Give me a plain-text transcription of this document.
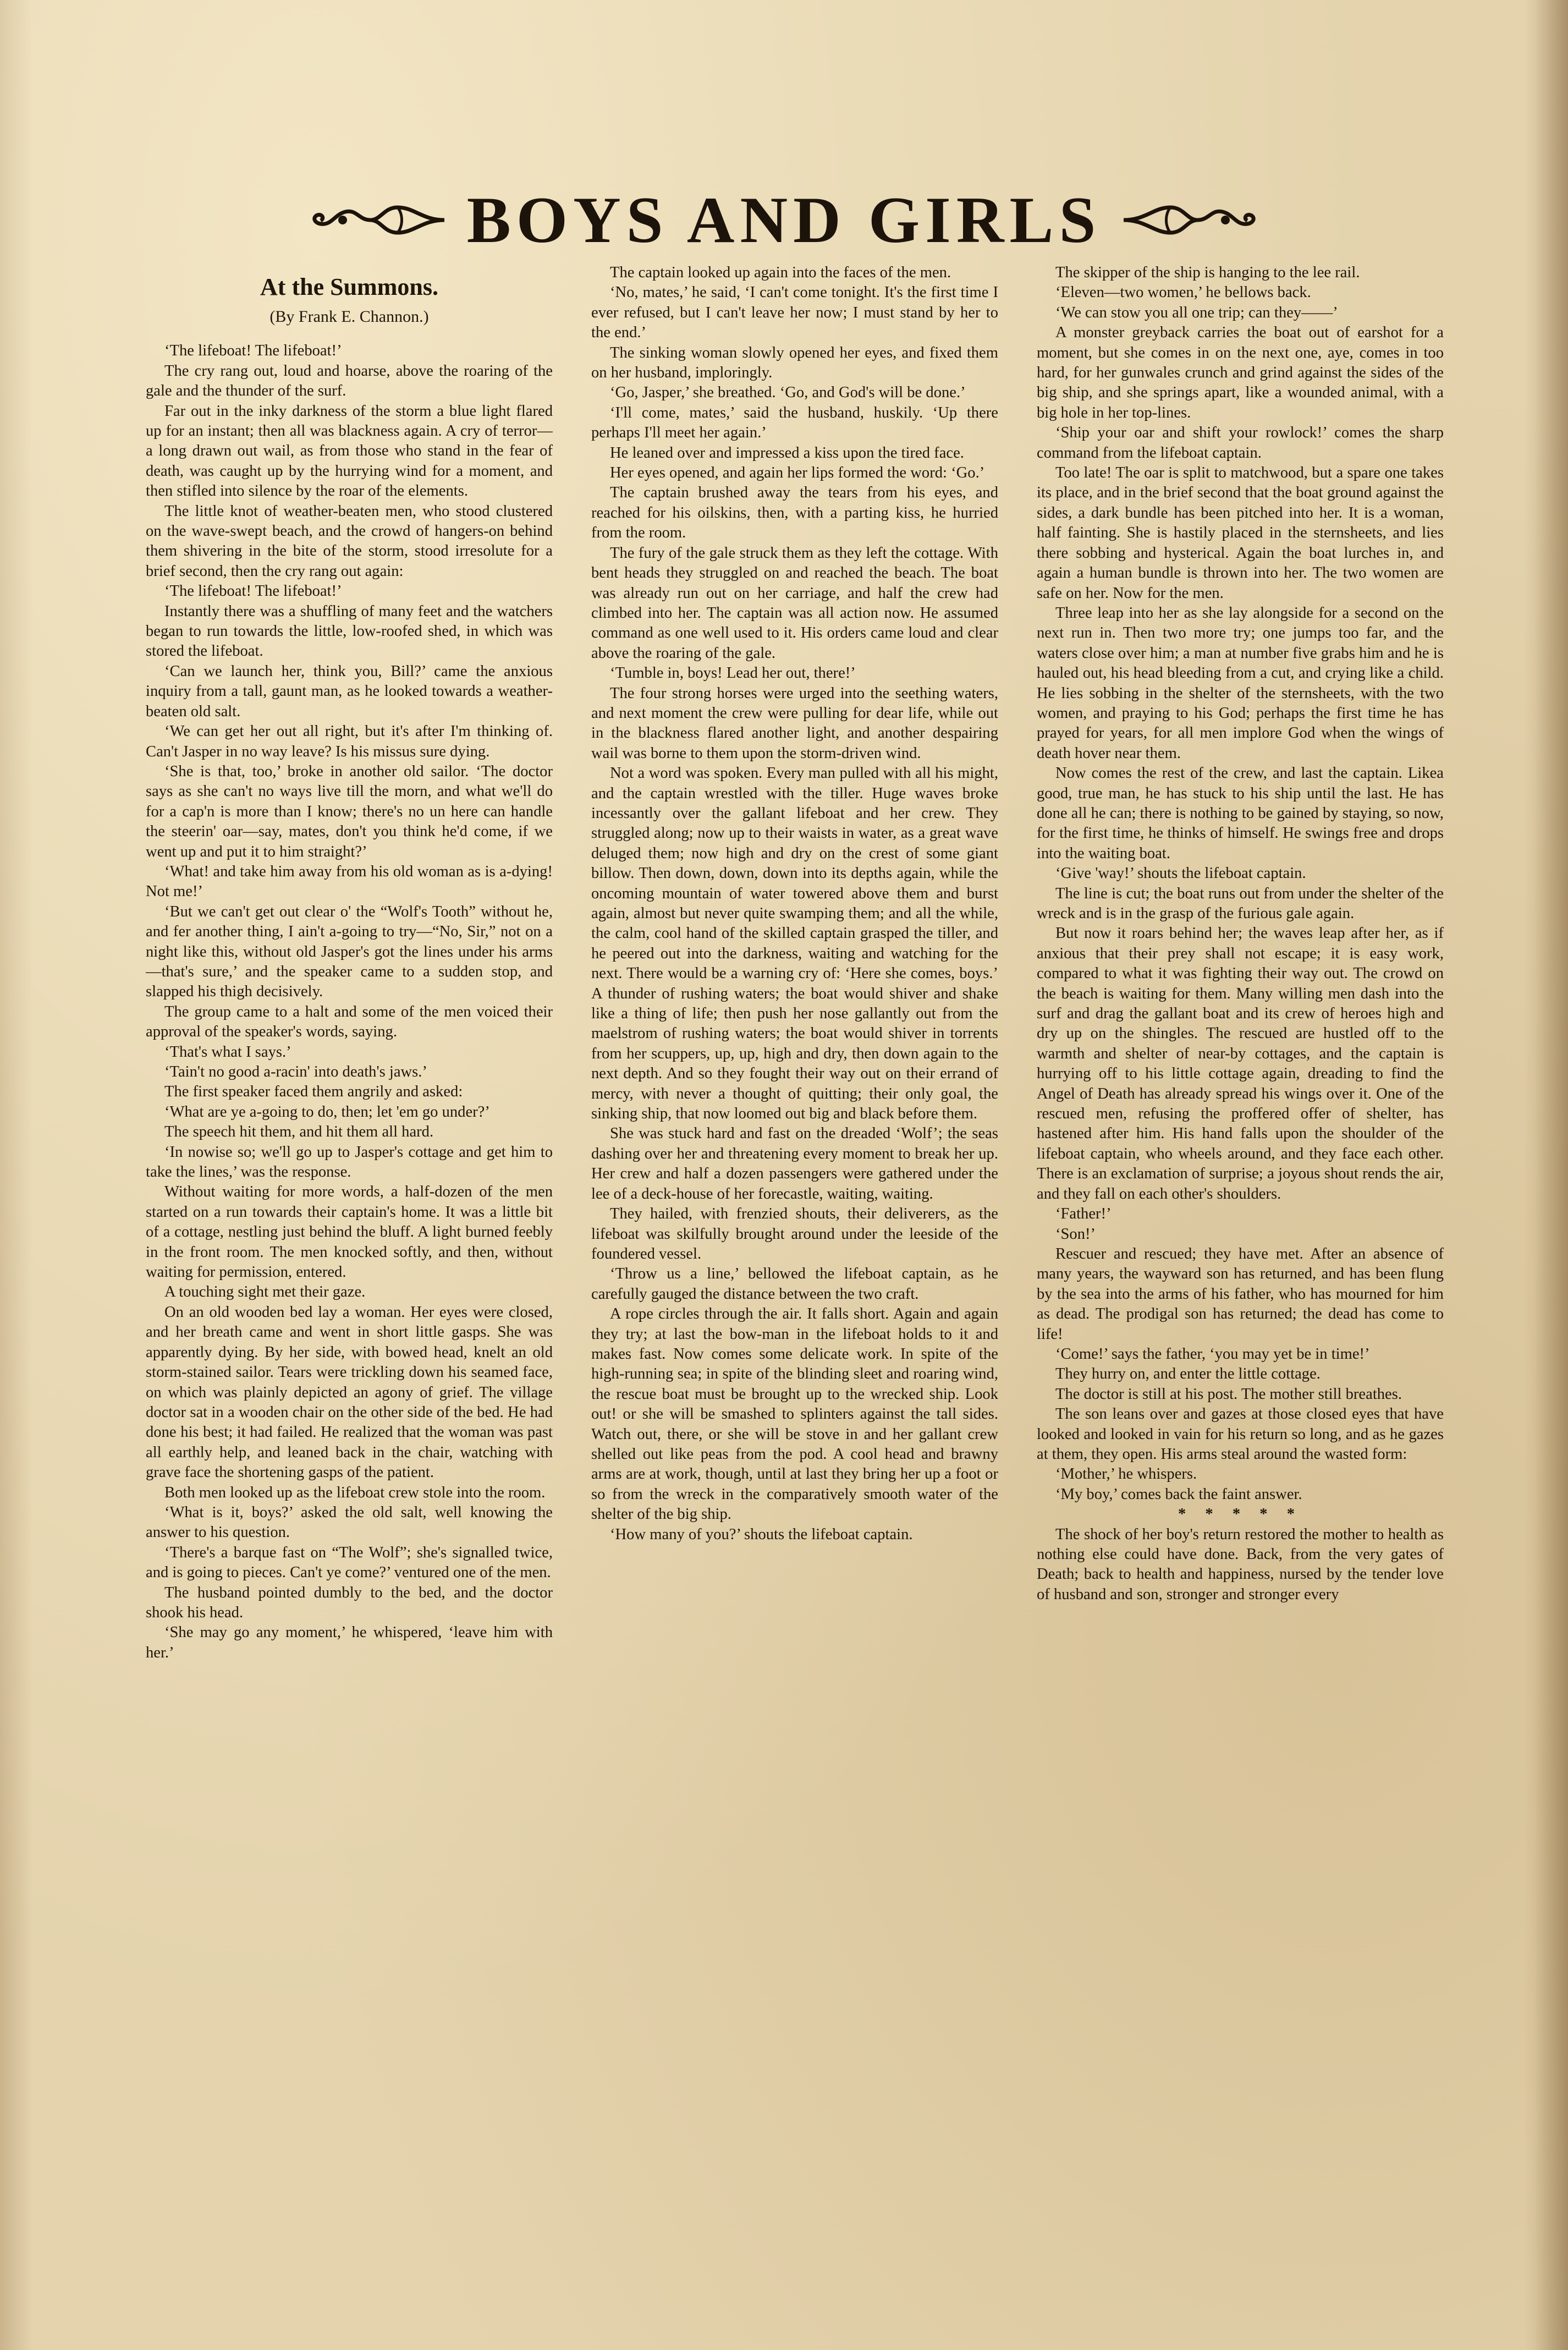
BOYS AND GIRLS
At the Summons.
(By Frank E. Channon.)

‘The lifeboat! The lifeboat!’

The cry rang out, loud and hoarse, above the roaring of the gale and the thunder of the surf.

Far out in the inky darkness of the storm a blue light flared up for an instant; then all was blackness again. A cry of terror—a long drawn out wail, as from those who stand in the fear of death, was caught up by the hurrying wind for a moment, and then stifled into silence by the roar of the elements.

The little knot of weather-beaten men, who stood clustered on the wave-swept beach, and the crowd of hangers-on behind them shivering in the bite of the storm, stood irresolute for a brief second, then the cry rang out again:

‘The lifeboat! The lifeboat!’

Instantly there was a shuffling of many feet and the watchers began to run towards the little, low-roofed shed, in which was stored the lifeboat.

‘Can we launch her, think you, Bill?’ came the anxious inquiry from a tall, gaunt man, as he looked towards a weather-beaten old salt.

‘We can get her out all right, but it's after I'm thinking of. Can't Jasper in no way leave? Is his missus sure dying.

‘She is that, too,’ broke in another old sailor. ‘The doctor says as she can't no ways live till the morn, and what we'll do for a cap'n is more than I know; there's no un here can handle the steerin' oar—say, mates, don't you think he'd come, if we went up and put it to him straight?’

‘What! and take him away from his old woman as is a-dying! Not me!’

‘But we can't get out clear o' the “Wolf's Tooth” without he, and fer another thing, I ain't a-going to try—“No, Sir,” not on a night like this, without old Jasper's got the lines under his arms—that's sure,’ and the speaker came to a sudden stop, and slapped his thigh decisively.

The group came to a halt and some of the men voiced their approval of the speaker's words, saying.

‘That's what I says.’

‘Tain't no good a-racin' into death's jaws.’

The first speaker faced them angrily and asked:

‘What are ye a-going to do, then; let 'em go under?’

The speech hit them, and hit them all hard.

‘In nowise so; we'll go up to Jasper's cottage and get him to take the lines,’ was the response.

Without waiting for more words, a half-dozen of the men started on a run towards their captain's home. It was a little bit of a cottage, nestling just behind the bluff. A light burned feebly in the front room. The men knocked softly, and then, without waiting for permission, entered.

A touching sight met their gaze.

On an old wooden bed lay a woman. Her eyes were closed, and her breath came and went in short little gasps. She was apparently dying. By her side, with bowed head, knelt an old storm-stained sailor. Tears were trickling down his seamed face, on which was plainly depicted an agony of grief. The village doctor sat in a wooden chair on the other side of the bed. He had done his best; it had failed. He realized that the woman was past all earthly help, and leaned back in the chair, watching with grave face the shortening gasps of the patient.

Both men looked up as the lifeboat crew stole into the room.

‘What is it, boys?’ asked the old salt, well knowing the answer to his question.

‘There's a barque fast on “The Wolf”; she's signalled twice, and is going to pieces. Can't ye come?’ ventured one of the men.

The husband pointed dumbly to the bed, and the doctor shook his head.

‘She may go any moment,’ he whispered, ‘leave him with her.’

The captain looked up again into the faces of the men.

‘No, mates,’ he said, ‘I can't come tonight. It's the first time I ever refused, but I can't leave her now; I must stand by her to the end.’

The sinking woman slowly opened her eyes, and fixed them on her husband, imploringly.

‘Go, Jasper,’ she breathed. ‘Go, and God's will be done.’

‘I'll come, mates,’ said the husband, huskily. ‘Up there perhaps I'll meet her again.’

He leaned over and impressed a kiss upon the tired face.

Her eyes opened, and again her lips formed the word: ‘Go.’

The captain brushed away the tears from his eyes, and reached for his oilskins, then, with a parting kiss, he hurried from the room.

The fury of the gale struck them as they left the cottage. With bent heads they struggled on and reached the beach. The boat was already run out on her carriage, and half the crew had climbed into her. The captain was all action now. He assumed command as one well used to it. His orders came loud and clear above the roaring of the gale.

‘Tumble in, boys! Lead her out, there!’

The four strong horses were urged into the seething waters, and next moment the crew were pulling for dear life, while out in the blackness flared another light, and another despairing wail was borne to them upon the storm-driven wind.

Not a word was spoken. Every man pulled with all his might, and the captain wrestled with the tiller. Huge waves broke incessantly over the gallant lifeboat and her crew. They struggled along; now up to their waists in water, as a great wave deluged them; now high and dry on the crest of some giant billow. Then down, down, down into its depths again, while the oncoming mountain of water towered above them and burst again, almost but never quite swamping them; and all the while, the calm, cool hand of the skilled captain grasped the tiller, and he peered out into the darkness, waiting and watching for the next. There would be a warning cry of: ‘Here she comes, boys.’ A thunder of rushing waters; the boat would shiver and shake like a thing of life; then push her nose gallantly out from the maelstrom of rushing waters; the boat would shiver in torrents from her scuppers, up, up, high and dry, then down again to the next depth. And so they fought their way out on their errand of mercy, with never a thought of quitting; their only goal, the sinking ship, that now loomed out big and black before them.

She was stuck hard and fast on the dreaded ‘Wolf’; the seas dashing over her and threatening every moment to break her up. Her crew and half a dozen passengers were gathered under the lee of a deck-house of her forecastle, waiting, waiting.

They hailed, with frenzied shouts, their deliverers, as the lifeboat was skilfully brought around under the leeside of the foundered vessel.

‘Throw us a line,’ bellowed the lifeboat captain, as he carefully gauged the distance between the two craft.

A rope circles through the air. It falls short. Again and again they try; at last the bow-man in the lifeboat holds to it and makes fast. Now comes some delicate work. In spite of the high-running sea; in spite of the blinding sleet and roaring wind, the rescue boat must be brought up to the wrecked ship. Look out! or she will be smashed to splinters against the tall sides. Watch out, there, or she will be stove in and her gallant crew shelled out like peas from the pod. A cool head and brawny arms are at work, though, until at last they bring her up a foot or so from the wreck in the comparatively smooth water of the shelter of the big ship.

‘How many of you?’ shouts the lifeboat captain.

The skipper of the ship is hanging to the lee rail.

‘Eleven—two women,’ he bellows back.

‘We can stow you all one trip; can they——’

A monster greyback carries the boat out of earshot for a moment, but she comes in on the next one, aye, comes in too hard, for her gunwales crunch and grind against the sides of the big ship, and she springs apart, like a wounded animal, with a big hole in her top-lines.

‘Ship your oar and shift your rowlock!’ comes the sharp command from the lifeboat captain.

Too late! The oar is split to matchwood, but a spare one takes its place, and in the brief second that the boat ground against the sides, a dark bundle has been pitched into her. It is a woman, half fainting. She is hastily placed in the sternsheets, and lies there sobbing and hysterical. Again the boat lurches in, and again a human bundle is thrown into her. The two women are safe on her. Now for the men.

Three leap into her as she lay alongside for a second on the next run in. Then two more try; one jumps too far, and the waters close over him; a man at number five grabs him and he is hauled out, his head bleeding from a cut, and crying like a child. He lies sobbing in the shelter of the sternsheets, with the two women, and praying to his God; perhaps the first time he has prayed for years, for all men implore God when the wings of death hover near them.

Now comes the rest of the crew, and last the captain. Likea good, true man, he has stuck to his ship until the last. He has done all he can; there is nothing to be gained by staying, so now, for the first time, he thinks of himself. He swings free and drops into the waiting boat.

‘Give 'way!’ shouts the lifeboat captain.

The line is cut; the boat runs out from under the shelter of the wreck and is in the grasp of the furious gale again.

But now it roars behind her; the waves leap after her, as if anxious that their prey shall not escape; it is easy work, compared to what it was fighting their way out. The crowd on the beach is waiting for them. Many willing men dash into the surf and drag the gallant boat and its crew of heroes high and dry up on the shingles. The rescued are hustled off to the warmth and shelter of near-by cottages, and the captain is hurrying off to his little cottage again, dreading to find the Angel of Death has already spread his wings over it. One of the rescued men, refusing the proffered offer of shelter, has hastened after him. His hand falls upon the shoulder of the lifeboat captain, who wheels around, and they face each other. There is an exclamation of surprise; a joyous shout rends the air, and they fall on each other's shoulders.

‘Father!’

‘Son!’

Rescuer and rescued; they have met. After an absence of many years, the wayward son has returned, and has been flung by the sea into the arms of his father, who has mourned for him as dead. The prodigal son has returned; the dead has come to life!

‘Come!’ says the father, ‘you may yet be in time!’

They hurry on, and enter the little cottage.

The doctor is still at his post. The mother still breathes.

The son leans over and gazes at those closed eyes that have looked and looked in vain for his return so long, and as he gazes at them, they open. His arms steal around the wasted form:

‘Mother,’ he whispers.

‘My boy,’ comes back the faint answer.

* * * * *

The shock of her boy's return restored the mother to health as nothing else could have done. Back, from the very gates of Death; back to health and happiness, nursed by the tender love of husband and son, stronger and stronger every
